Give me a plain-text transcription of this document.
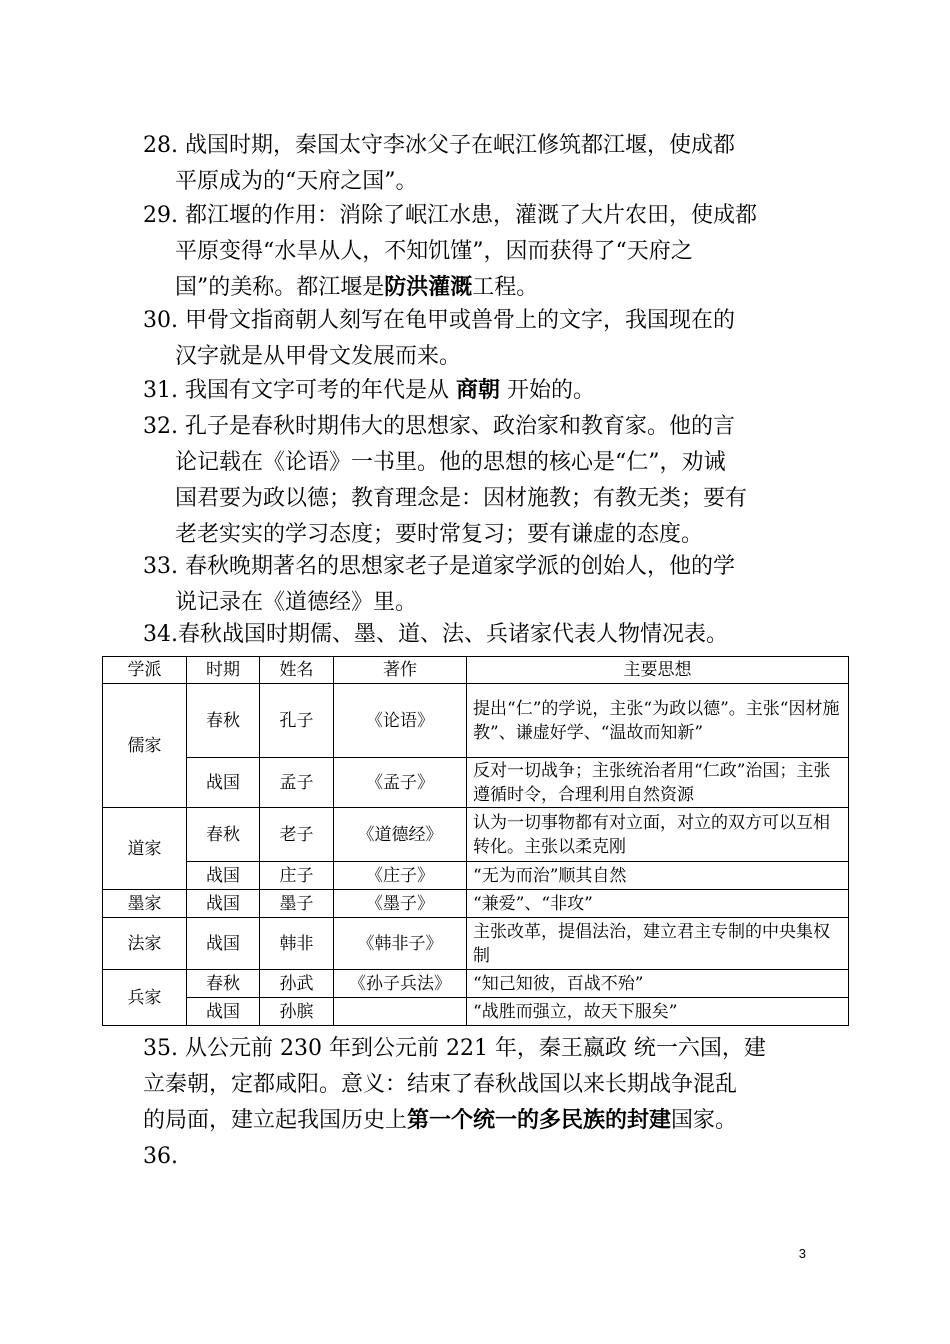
28. 战国时期，秦国太守李冰父子在岷江修筑都江堰，使成都
平原成为的“天府之国”。
29. 都江堰的作用：消除了岷江水患，灌溉了大片农田，使成都
平原变得“水旱从人，不知饥馑”，因而获得了“天府之
国”的美称。都江堰是防洪灌溉工程。
30. 甲骨文指商朝人刻写在龟甲或兽骨上的文字，我国现在的
汉字就是从甲骨文发展而来。
31. 我国有文字可考的年代是从 商朝 开始的。
32. 孔子是春秋时期伟大的思想家、政治家和教育家。他的言
论记载在《论语》一书里。他的思想的核心是“仁”，劝诫
国君要为政以德；教育理念是：因材施教；有教无类；要有
老老实实的学习态度；要时常复习；要有谦虚的态度。
33. 春秋晚期著名的思想家老子是道家学派的创始人，他的学
说记录在《道德经》里。
34.春秋战国时期儒、墨、道、法、兵诸家代表人物情况表。
学派	时期	姓名	著作	主要思想
儒家	春秋	孔子	《论语》	提出“仁”的学说，主张“为政以德”。主张“因材施教”、谦虚好学、“温故而知新”
	战国	孟子	《孟子》	反对一切战争；主张统治者用“仁政”治国；主张遵循时令，合理利用自然资源
道家	春秋	老子	《道德经》	认为一切事物都有对立面，对立的双方可以互相转化。主张以柔克刚
	战国	庄子	《庄子》	“无为而治”顺其自然
墨家	战国	墨子	《墨子》	“兼爱”、“非攻”
法家	战国	韩非	《韩非子》	主张改革，提倡法治，建立君主专制的中央集权制
兵家	春秋	孙武	《孙子兵法》	“知己知彼，百战不殆”
	战国	孙膑		“战胜而强立，故天下服矣”
35. 从公元前 230 年到公元前 221 年，秦王嬴政 统一六国，建
立秦朝，定都咸阳。意义：结束了春秋战国以来长期战争混乱
的局面，建立起我国历史上第一个统一的多民族的封建国家。
36.
3
